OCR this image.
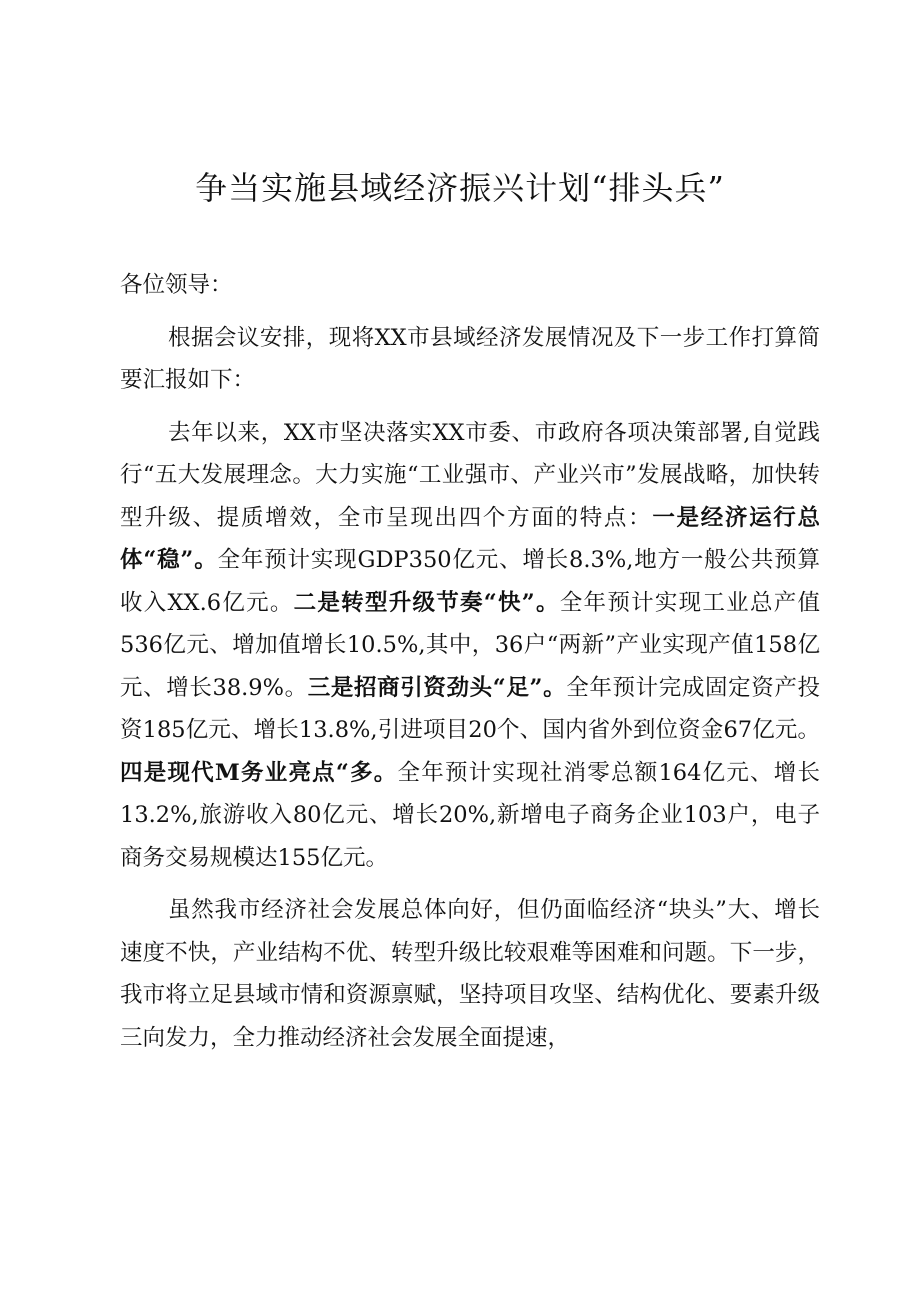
争当实施县域经济振兴计划“排头兵”

各位领导：

根据会议安排，现将XX市县域经济发展情况及下一步工作打算简要汇报如下：

去年以来，XX市坚决落实XX市委、市政府各项决策部署,自觉践行“五大发展理念。大力实施“工业强市、产业兴市”发展战略，加快转型升级、提质增效，全市呈现出四个方面的特点：一是经济运行总体“稳”。全年预计实现GDP350亿元、增长8.3%,地方一般公共预算收入XX.6亿元。二是转型升级节奏“快”。全年预计实现工业总产值536亿元、增加值增长10.5%,其中，36户“两新”产业实现产值158亿元、增长38.9%。三是招商引资劲头“足”。全年预计完成固定资产投资185亿元、增长13.8%,引进项目20个、国内省外到位资金67亿元。四是现代M务业亮点“多。全年预计实现社消零总额164亿元、增长13.2%,旅游收入80亿元、增长20%,新增电子商务企业103户，电子商务交易规模达155亿元。

虽然我市经济社会发展总体向好，但仍面临经济“块头”大、增长速度不快，产业结构不优、转型升级比较艰难等困难和问题。下一步，我市将立足县域市情和资源禀赋，坚持项目攻坚、结构优化、要素升级三向发力，全力推动经济社会发展全面提速，
